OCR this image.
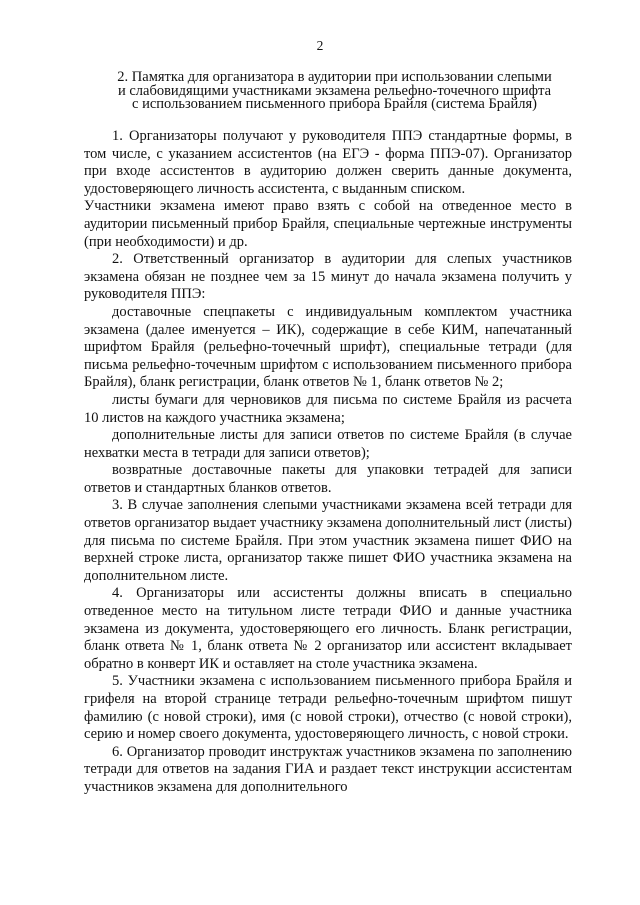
2
2. Памятка для организатора в аудитории при использовании слепыми
и слабовидящими участниками экзамена рельефно-точечного шрифта
с использованием письменного прибора Брайля (система Брайля)

1. Организаторы получают у руководителя ППЭ стандартные формы, в том числе, с указанием ассистентов (на ЕГЭ - форма ППЭ-07). Организатор при входе ассистентов в аудиторию должен сверить данные документа, удостоверяющего личность ассистента, с выданным списком.

Участники экзамена имеют право взять с собой на отведенное место в аудитории письменный прибор Брайля, специальные чертежные инструменты (при необходимости) и др.

2. Ответственный организатор в аудитории для слепых участников экзамена обязан не позднее чем за 15 минут до начала экзамена получить у руководителя ППЭ:

доставочные спецпакеты с индивидуальным комплектом участника экзамена (далее именуется – ИК), содержащие в себе КИМ, напечатанный шрифтом Брайля (рельефно-точечный шрифт), специальные тетради (для письма рельефно-точечным шрифтом с использованием письменного прибора Брайля), бланк регистрации, бланк ответов № 1, бланк ответов № 2;

листы бумаги для черновиков для письма по системе Брайля из расчета 10 листов на каждого участника экзамена;

дополнительные листы для записи ответов по системе Брайля (в случае нехватки места в тетради для записи ответов);

возвратные доставочные пакеты для упаковки тетрадей для записи ответов и стандартных бланков ответов.

3. В случае заполнения слепыми участниками экзамена всей тетради для ответов организатор выдает участнику экзамена дополнительный лист (листы) для письма по системе Брайля. При этом участник экзамена пишет ФИО на верхней строке листа, организатор также пишет ФИО участника экзамена на дополнительном листе.

4. Организаторы или ассистенты должны вписать в специально отведенное место на титульном листе тетради ФИО и данные участника экзамена из документа, удостоверяющего его личность. Бланк регистрации, бланк ответа № 1, бланк ответа № 2 организатор или ассистент вкладывает обратно в конверт ИК и оставляет на столе участника экзамена.

5. Участники экзамена с использованием письменного прибора Брайля и грифеля на второй странице тетради рельефно-точечным шрифтом пишут фамилию (с новой строки), имя (с новой строки), отчество (с новой строки), серию и номер своего документа, удостоверяющего личность, с новой строки.

6. Организатор проводит инструктаж участников экзамена по заполнению тетради для ответов на задания ГИА и раздает текст инструкции ассистентам участников экзамена для дополнительного
